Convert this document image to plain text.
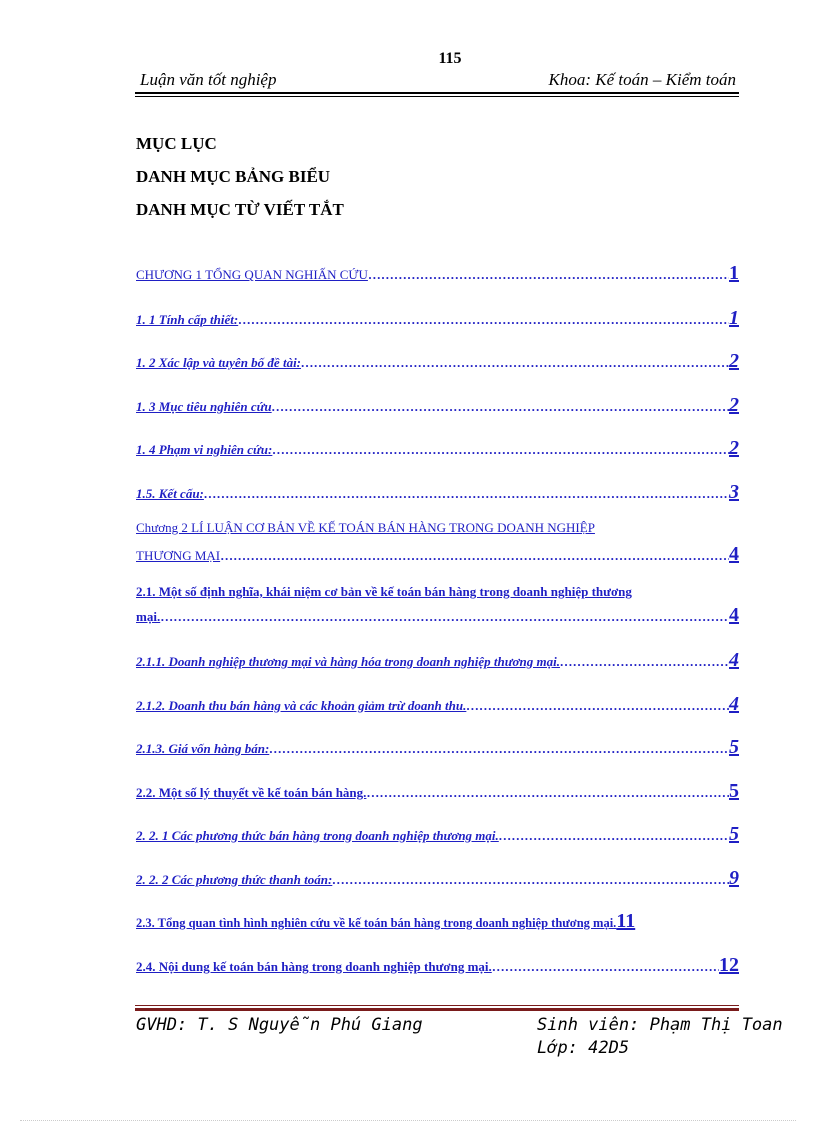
115
Luận văn tốt nghiệp	Khoa: Kế toán – Kiểm toán
MỤC LỤC
DANH MỤC BẢNG BIỂU
DANH MỤC TỪ VIẾT TẮT
CHƯƠNG 1 TỔNG QUAN NGHIẤN CỨU ………………………………………………………………………………………………………………………………………………	1
1. 1 Tính cấp thiết: ………………………………………………………………………………………………………………………………………………	1
1. 2 Xác lập và tuyên bố đề tài: ………………………………………………………………………………………………………………………………………………	2
1. 3 Mục tiêu nghiên cứu ………………………………………………………………………………………………………………………………………………	2
1. 4 Phạm vi nghiên cứu: ………………………………………………………………………………………………………………………………………………	2
1.5. Kết cấu: ………………………………………………………………………………………………………………………………………………	3
Chương 2 LÍ LUẬN CƠ BẢN VỀ KẾ TOÁN BÁN HÀNG TRONG DOANH NGHIỆP
THƯƠNG MẠI ………………………………………………………………………………………………………………………………………………	4
2.1. Một số định nghĩa, khái niệm cơ bản về kế toán bán hàng trong doanh nghiệp thương
mại. ………………………………………………………………………………………………………………………………………………	4
2.1.1. Doanh nghiệp thương mại và hàng hóa trong doanh nghiệp thương mại. ………………………………………………………………………………………………………………………………………………	4
2.1.2. Doanh thu bán hàng và các khoản giảm trừ doanh thu. ………………………………………………………………………………………………………………………………………………	4
2.1.3. Giá vốn hàng bán: ………………………………………………………………………………………………………………………………………………	5
2.2. Một số lý thuyết về kế toán bán hàng. ………………………………………………………………………………………………………………………………………………	5
2. 2. 1 Các phương thức bán hàng trong doanh nghiệp thương mại. ………………………………………………………………………………………………………………………………………………	5
2. 2. 2 Các phương thức thanh toán: ………………………………………………………………………………………………………………………………………………	9
2.3. Tổng quan tình hình nghiên cứu về kế toán bán hàng trong doanh nghiệp thương mại. 11
2.4. Nội dung kế toán bán hàng trong doanh nghiệp thương mại. ………………………………………………………………………………………………………………………………………………	12
GVHD: T. S Nguyễn Phú Giang	Sinh viên: Phạm Thị Toan
Lớp: 42D5
